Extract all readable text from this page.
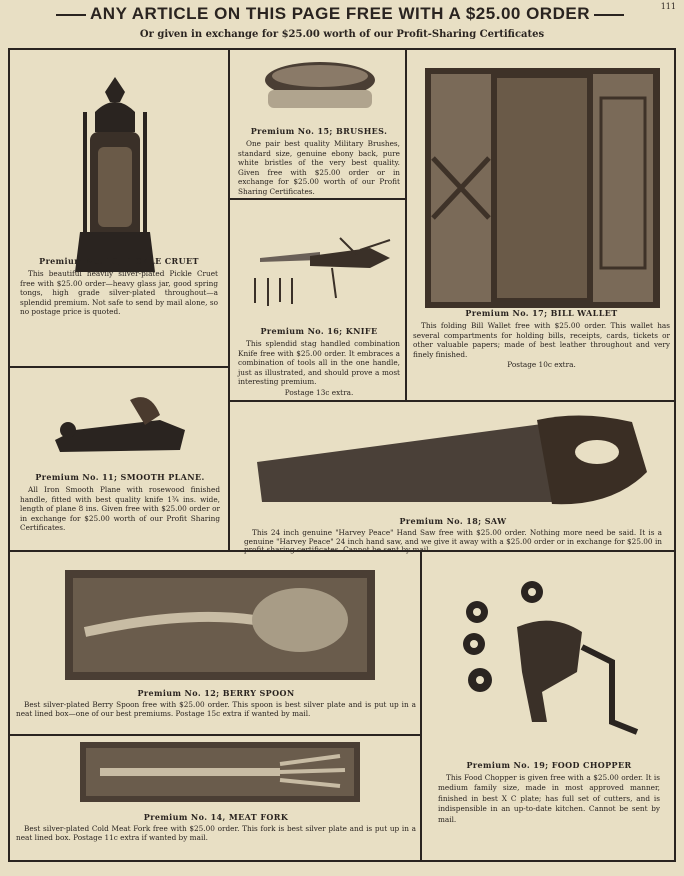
ANY ARTICLE ON THIS PAGE FREE WITH A $25.00 ORDER	111
Or given in exchange for $25.00 worth of our Profit-Sharing Certificates
Premium No. 10; PICKLE CRUET
This beautiful heavily silver-plated Pickle Cruet free with $25.00 order—heavy glass jar, good spring tongs, high grade silver-plated throughout—a splendid premium. Not safe to send by mail alone, so no postage price is quoted.
Premium No. 15; BRUSHES.
One pair best quality Military Brushes, standard size, genuine ebony back, pure white bristles of the very best quality. Given free with $25.00 order or in exchange for $25.00 worth of our Profit Sharing Certificates.
Premium No. 16; KNIFE
This splendid stag handled combination Knife free with $25.00 order. It embraces a combination of tools all in the one handle, just as illustrated, and should prove a most interesting premium.
Postage 13c extra.
Premium No. 17; BILL WALLET
This folding Bill Wallet free with $25.00 order. This wallet has several compartments for holding bills, receipts, cards, tickets or other valuable papers; made of best leather throughout and very finely finished.
Postage 10c extra.
Premium No. 11; SMOOTH PLANE.
All Iron Smooth Plane with rosewood finished handle, fitted with best quality knife 1¾ ins. wide, length of plane 8 ins. Given free with $25.00 order or in exchange for $25.00 worth of our Profit Sharing Certificates.
Premium No. 18; SAW
This 24 inch genuine "Harvey Peace" Hand Saw free with $25.00 order. Nothing more need be said. It is a genuine "Harvey Peace" 24 inch hand saw, and we give it away with a $25.00 order or in exchange for $25.00 in profit sharing certificates. Cannot be sent by mail.
Premium No. 12; BERRY SPOON
Best silver-plated Berry Spoon free with $25.00 order. This spoon is best silver plate and is put up in a neat lined box—one of our best premiums. Postage 15c extra if wanted by mail.
Premium No. 14, MEAT FORK
Best silver-plated Cold Meat Fork free with $25.00 order. This fork is best silver plate and is put up in a neat lined box. Postage 11c extra if wanted by mail.
Premium No. 19; FOOD CHOPPER
This Food Chopper is given free with a $25.00 order. It is medium family size, made in most approved manner, finished in best X C plate; has full set of cutters, and is indispensible in an up-to-date kitchen. Cannot be sent by mail.
